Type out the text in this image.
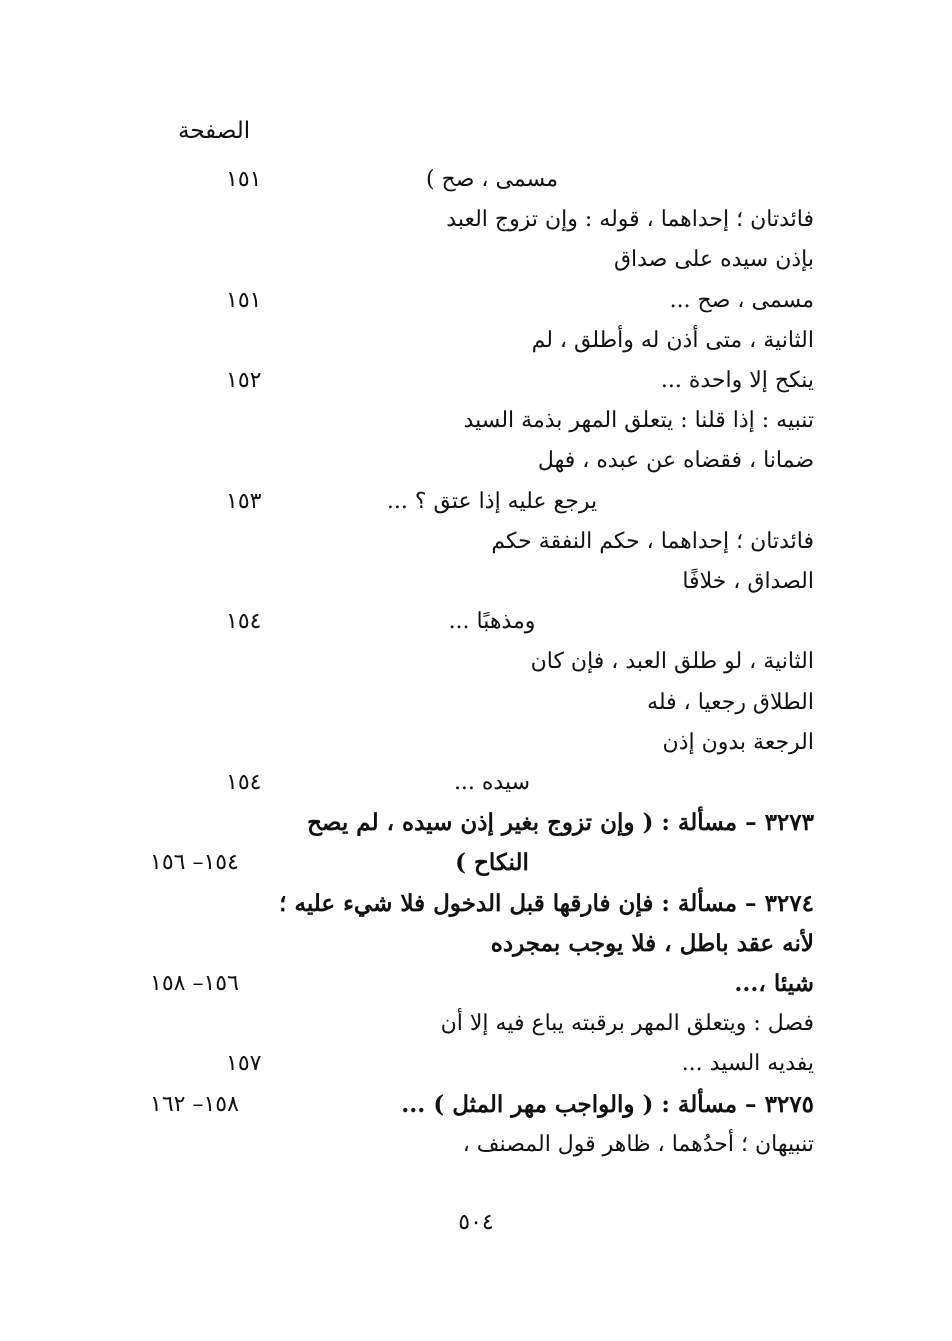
الصفحة
مسمى ، صح )
١٥١
فائدتان ؛ إحداهما ، قوله : وإن تزوج العبد
بإذن سيده على صداق
مسمى ، صح ...
١٥١
الثانية ، متى أذن له وأطلق ، لم
ينكح إلا واحدة ...
١٥٢
تنبيه : إذا قلنا : يتعلق المهر بذمة السيد
ضمانا ، فقضاه عن عبده ، فهل
يرجع عليه إذا عتق ؟ ...
١٥٣
فائدتان ؛ إحداهما ، حكم النفقة حكم
الصداق ، خلافًا
ومذهبًا ...
١٥٤
الثانية ، لو طلق العبد ، فإن كان
الطلاق رجعيا ، فله
الرجعة بدون إذن
سيده ...
١٥٤
٣٢٧٣ – مسألة : ( وإن تزوج بغير إذن سيده ، لم يصح
النكاح )
١٥٤– ١٥٦
٣٢٧٤ – مسألة : فإن فارقها قبل الدخول فلا شيء عليه ؛
لأنه عقد باطل ، فلا يوجب بمجرده
شيئا ،...
١٥٦– ١٥٨
فصل : ويتعلق المهر برقبته يباع فيه إلا أن
يفديه السيد ...
١٥٧
٣٢٧٥ – مسألة : ( والواجب مهر المثل ) ...
١٥٨– ١٦٢
تنبيهان ؛ أحدُهما ، ظاهر قول المصنف ،
٥٠٤
